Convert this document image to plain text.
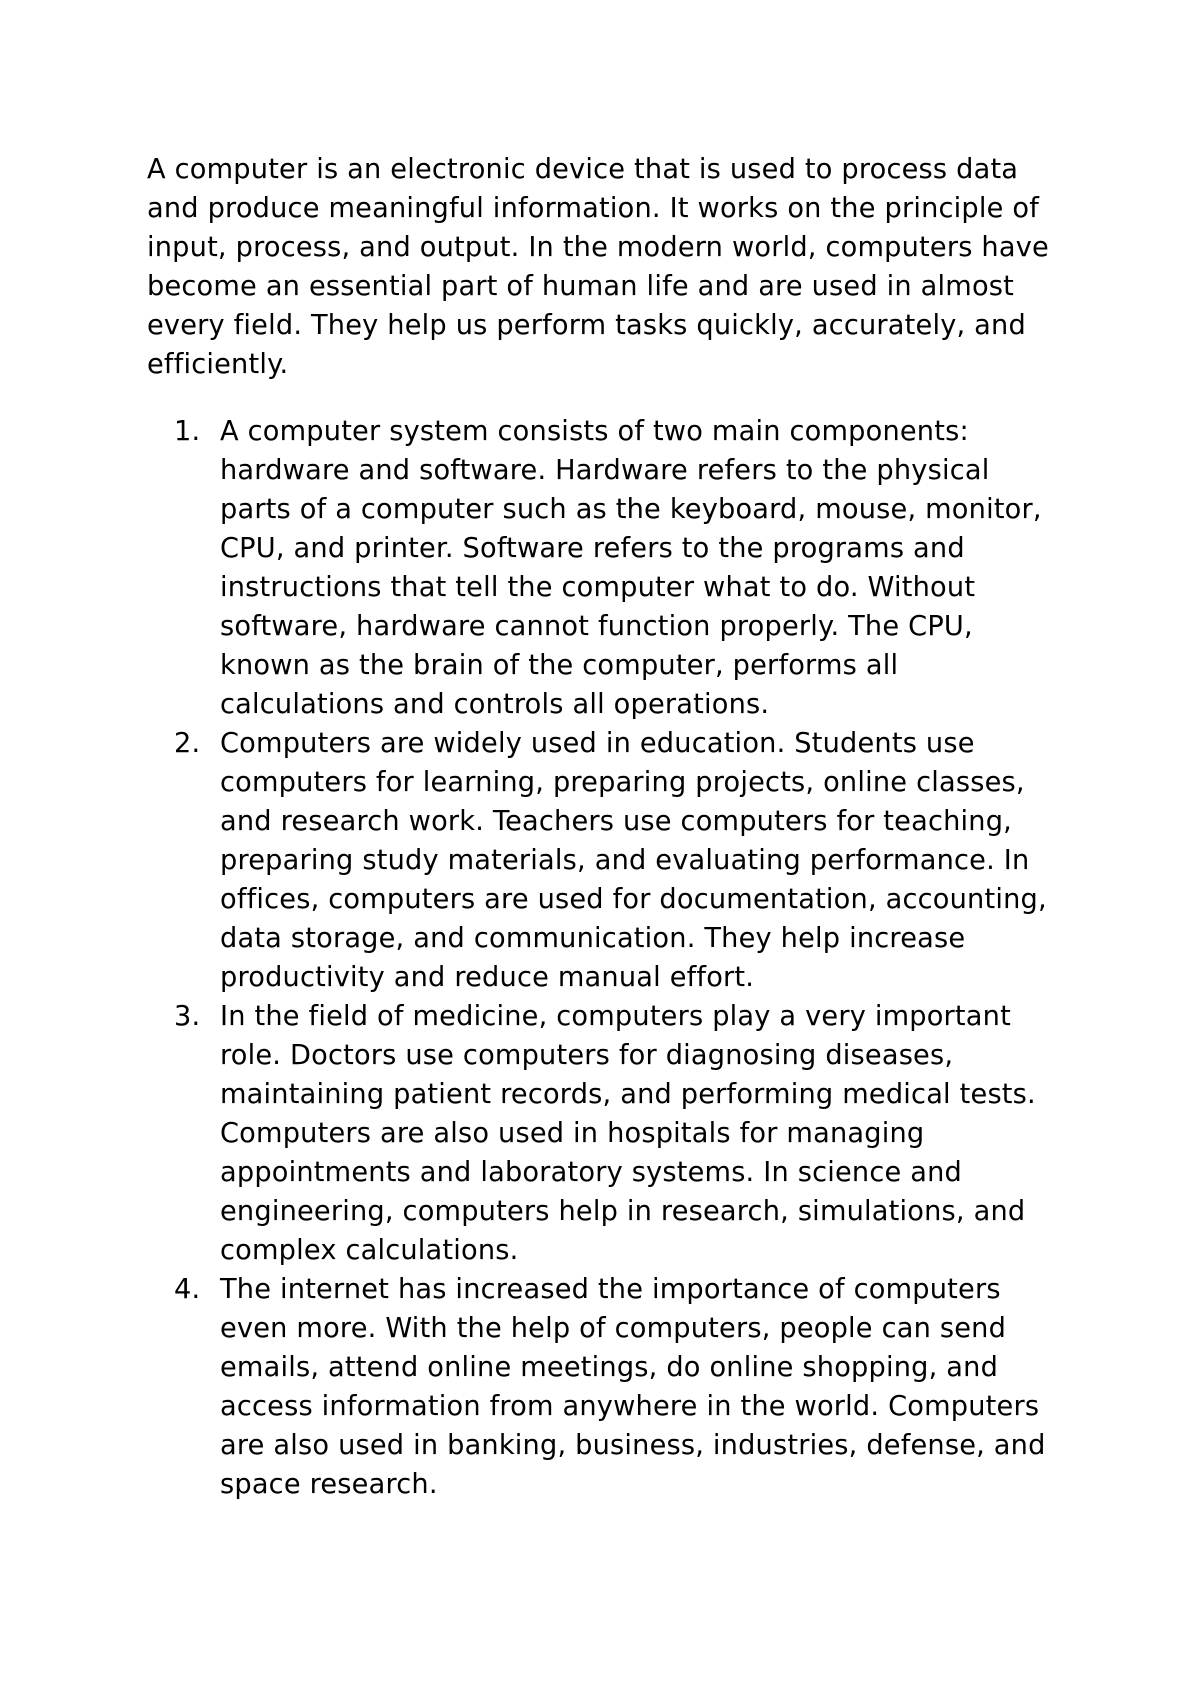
A computer is an electronic device that is used to process data and produce meaningful information. It works on the principle of input, process, and output. In the modern world, computers have become an essential part of human life and are used in almost every field. They help us perform tasks quickly, accurately, and efficiently.

1. A computer system consists of two main components: hardware and software. Hardware refers to the physical parts of a computer such as the keyboard, mouse, monitor, CPU, and printer. Software refers to the programs and instructions that tell the computer what to do. Without software, hardware cannot function properly. The CPU, known as the brain of the computer, performs all calculations and controls all operations.
2. Computers are widely used in education. Students use computers for learning, preparing projects, online classes, and research work. Teachers use computers for teaching, preparing study materials, and evaluating performance. In offices, computers are used for documentation, accounting, data storage, and communication. They help increase productivity and reduce manual effort.
3. In the field of medicine, computers play a very important role. Doctors use computers for diagnosing diseases, maintaining patient records, and performing medical tests. Computers are also used in hospitals for managing appointments and laboratory systems. In science and engineering, computers help in research, simulations, and complex calculations.
4. The internet has increased the importance of computers even more. With the help of computers, people can send emails, attend online meetings, do online shopping, and access information from anywhere in the world. Computers are also used in banking, business, industries, defense, and space research.
